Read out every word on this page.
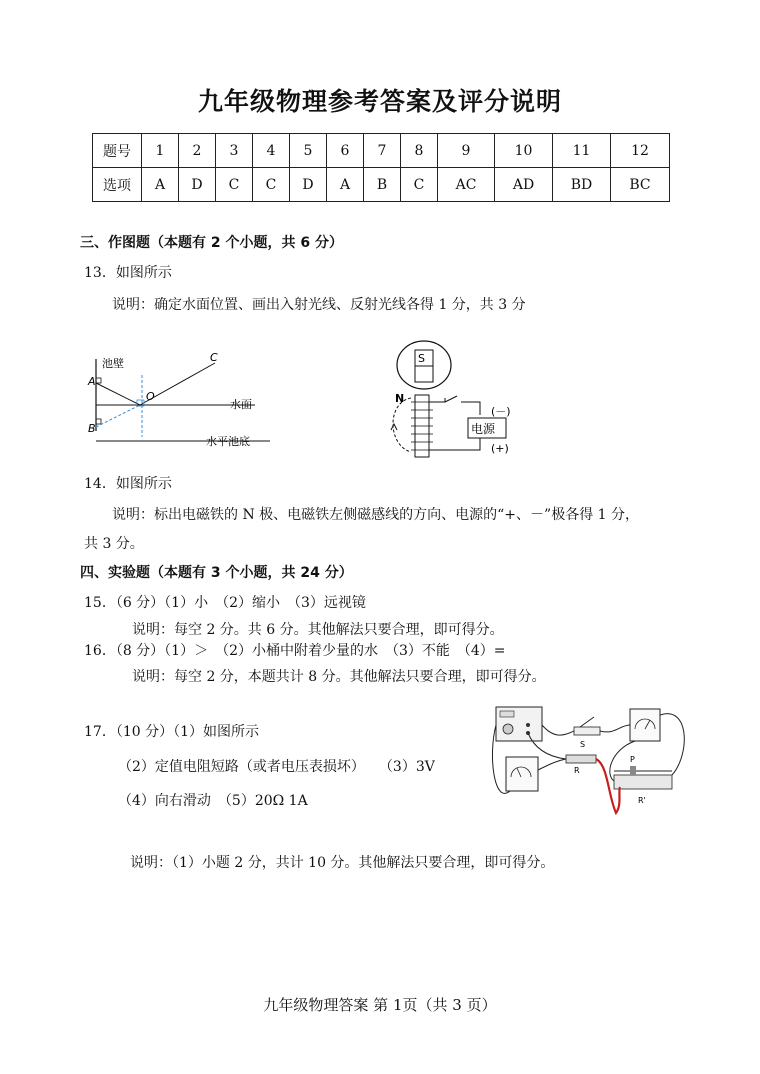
九年级物理参考答案及评分说明
题号	1	2	3	4	5	6	7	8	9	10	11	12
选项	A	D	C	C	D	A	B	C	AC	AD	BD	BC
三、作图题（本题有 2 个小题，共 6 分）
13．如图所示
说明：确定水面位置、画出入射光线、反射光线各得 1 分，共 3 分
池壁	C
A
O
B
水面
水平池底
S
N
电源
(－)
(+)
14．如图所示
说明：标出电磁铁的 N 极、电磁铁左侧磁感线的方向、电源的“+、－”极各得 1 分，
共 3 分。
四、实验题（本题有 3 个小题，共 24 分）
15．（6 分）（1）小　（2）缩小　（3）远视镜
说明：每空 2 分。共 6 分。其他解法只要合理，即可得分。
16．（8 分）（1）＞　（2）小桶中附着少量的水　（3）不能　（4）=
说明：每空 2 分，本题共计 8 分。其他解法只要合理，即可得分。
17．（10 分）（1）如图所示
（2）定值电阻短路（或者电压表损坏）　　（3）3V
（4）向右滑动　（5）20Ω 1A
S
R
P
R'
说明：（1）小题 2 分，共计 10 分。其他解法只要合理，即可得分。
九年级物理答案 第 1页（共 3 页）
